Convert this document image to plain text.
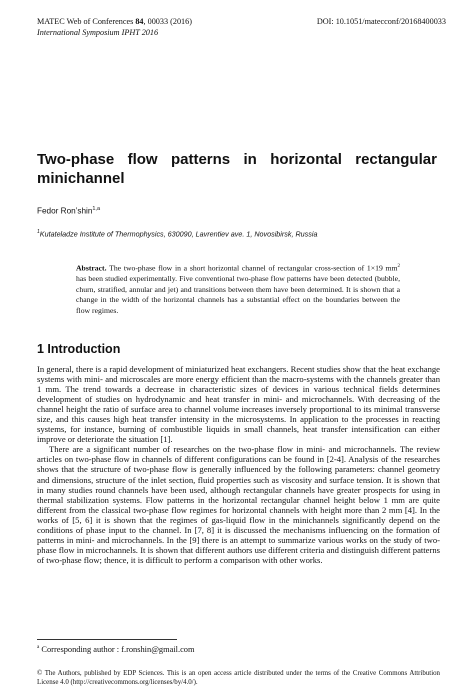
MATEC Web of Conferences 84, 00033 (2016)
International Symposium IPHT 2016
DOI: 10.1051/matecconf/20168400033
Two-phase flow patterns in horizontal rectangular
minichannel
Fedor Ron’shin$^{1,a}$
$^1$Kutateladze Institute of Thermophysics, 630090, Lavrentiev ave. 1, Novosibirsk, Russia
Abstract. The two-phase flow in a short horizontal channel of rectangular cross-section of 1×19 $mm^2$ has been studied experimentally. Five conventional two-phase flow patterns have been detected (bubble, churn, stratified, annular and jet) and transitions between them have been determined. It is shown that a change in the width of the horizontal channels has a substantial effect on the boundaries between the flow regimes.
1 Introduction

In general, there is a rapid development of miniaturized heat exchangers. Recent studies show that the heat exchange systems with mini- and microscales are more energy efficient than the macro-systems with the channels greater than 1 mm. The trend towards a decrease in characteristic sizes of devices in various technical fields determines development of studies on hydrodynamic and heat transfer in mini- and microchannels. With decreasing of the channel height the ratio of surface area to channel volume increases inversely proportional to its minimal transverse size, and this causes high heat transfer intensity in the microsystems. In application to the processes in reacting systems, for instance, burning of combustible liquids in small channels, heat transfer intensification can either improve or deteriorate the situation [1].

There are a significant number of researches on the two-phase flow in mini- and microchannels. The review articles on two-phase flow in channels of different configurations can be found in [2-4]. Analysis of the researches shows that the structure of two-phase flow is generally influenced by the following parameters: channel geometry and dimensions, structure of the inlet section, fluid properties such as viscosity and surface tension. It is shown that in many studies round channels have been used, although rectangular channels have greater prospects for using in thermal stabilization systems. Flow patterns in the horizontal rectangular channel height below 1 mm are quite different from the classical two-phase flow regimes for horizontal channels with height more than 2 mm [4]. In the works of [5, 6] it is shown that the regimes of gas-liquid flow in the minichannels significantly depend on the conditions of phase input to the channel. In [7, 8] it is discussed the mechanisms influencing on the formation of patterns in mini- and microchannels. In the [9] there is an attempt to summarize various works on the study of two-phase flow in microchannels. It is shown that different authors use different criteria and distinguish different patterns of two-phase flow; thence, it is difficult to perform a comparison with other works.

$^a$ Corresponding author : f.ronshin@gmail.com
© The Authors, published by EDP Sciences. This is an open access article distributed under the terms of the Creative Commons Attribution License 4.0 (http://creativecommons.org/licenses/by/4.0/).
